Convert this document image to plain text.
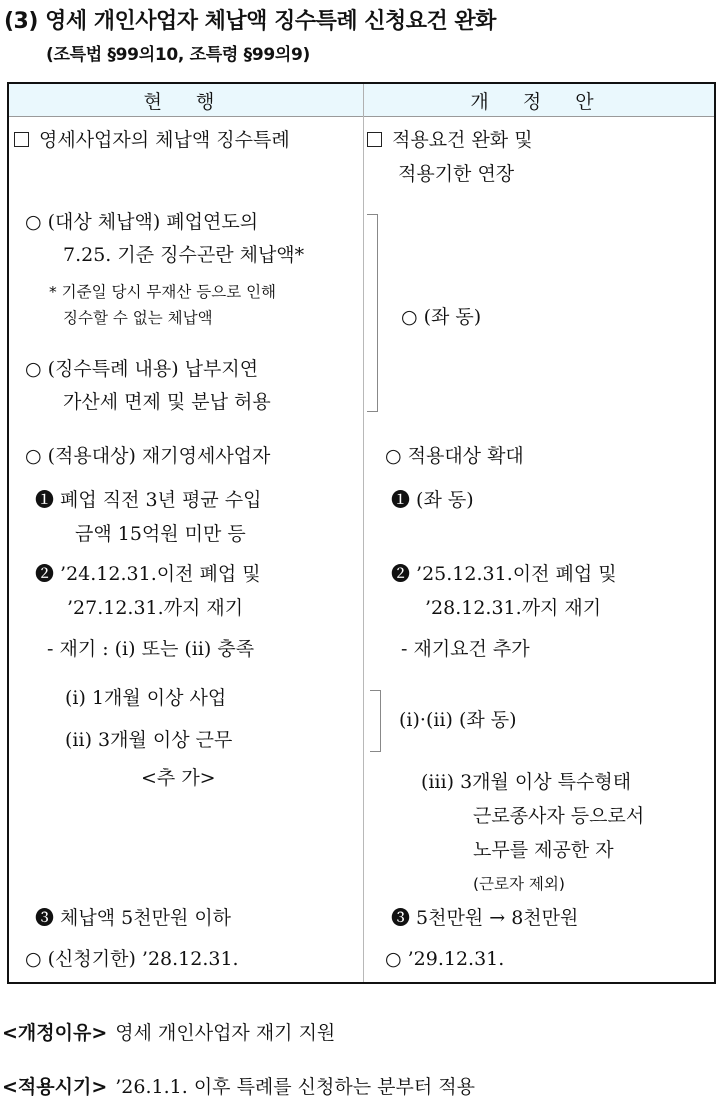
(3) 영세 개인사업자 체납액 징수특례 신청요건 완화
(조특법 §99의10, 조특령 §99의9)
현 행	개 정 안
영세사업자의 체납액 징수특례
○ (대상 체납액) 폐업연도의
7.25. 기준 징수곤란 체납액*
* 기준일 당시 무재산 등으로 인해
징수할 수 없는 체납액
○ (징수특례 내용) 납부지연
가산세 면제 및 분납 허용
○ (적용대상) 재기영세사업자
❶ 폐업 직전 3년 평균 수입
금액 15억원 미만 등
❷ ’24.12.31.이전 폐업 및
’27.12.31.까지 재기
- 재기 : (ⅰ) 또는 (ⅱ) 충족
(ⅰ) 1개월 이상 사업
(ⅱ) 3개월 이상 근무
<추 가>
❸ 체납액 5천만원 이하
○ (신청기한) ’28.12.31.
적용요건 완화 및
적용기한 연장
○ (좌 동)
○ 적용대상 확대
❶ (좌 동)
❷ ’25.12.31.이전 폐업 및
’28.12.31.까지 재기
- 재기요건 추가
(ⅰ)·(ⅱ) (좌 동)
(ⅲ) 3개월 이상 특수형태
근로종사자 등으로서
노무를 제공한 자
(근로자 제외)
❸ 5천만원 → 8천만원
○ ’29.12.31.
<개정이유> 영세 개인사업자 재기 지원
<적용시기> ’26.1.1. 이후 특례를 신청하는 분부터 적용
